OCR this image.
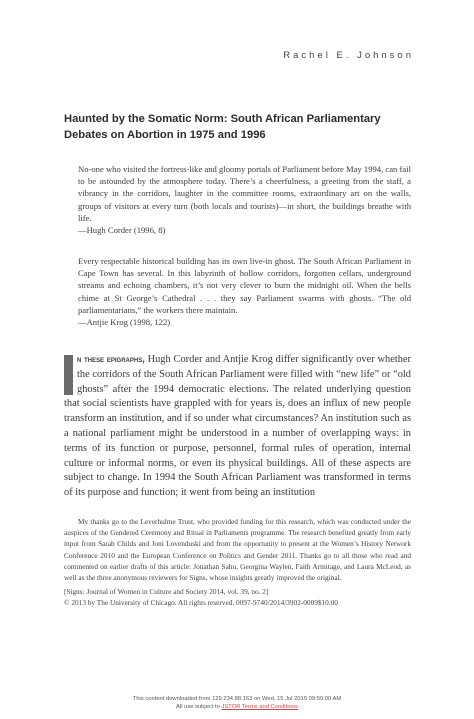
Rachel E. Johnson
Haunted by the Somatic Norm: South African Parliamentary Debates on Abortion in 1975 and 1996

No-one who visited the fortress-like and gloomy portals of Parliament before May 1994, can fail to be astounded by the atmosphere today. There’s a cheerfulness, a greeting from the staff, a vibrancy in the corridors, laughter in the committee rooms, extraordinary art on the walls, groups of visitors at every turn (both locals and tourists)—in short, the buildings breathe with life.

—Hugh Corder (1996, 8)

Every respectable historical building has its own live-in ghost. The South African Parliament in Cape Town has several. In this labyrinth of hollow corridors, forgotten cellars, underground streams and echoing chambers, it’s not very clever to burn the midnight oil. When the bells chime at St George’s Cathedral . . . they say Parliament swarms with ghosts. “The old parliamentarians,” the workers there maintain.

—Antjie Krog (1998, 122)

n these epigraphs, Hugh Corder and Antjie Krog differ significantly over whether the corridors of the South African Parliament were filled with “new life” or “old ghosts” after the 1994 democratic elections. The related underlying question that social scientists have grappled with for years is, does an influx of new people transform an institution, and if so under what circumstances? An institution such as a national parliament might be understood in a number of overlapping ways: in terms of its function or purpose, personnel, formal rules of operation, internal culture or informal norms, or even its physical buildings. All of these aspects are subject to change. In 1994 the South African Parliament was transformed in terms of its purpose and function; it went from being an institution

My thanks go to the Leverhulme Trust, who provided funding for this research, which was conducted under the auspices of the Gendered Ceremony and Ritual in Parliaments programme. The research benefited greatly from early input from Sarah Childs and Joni Lovenduski and from the opportunity to present at the Women’s History Network Conference 2010 and the European Conference on Politics and Gender 2011. Thanks go to all those who read and commented on earlier drafts of this article: Jonathan Sahu, Georgina Waylen, Faith Armitage, and Laura McLeod, as well as the three anonymous reviewers for Signs, whose insights greatly improved the original.

[Signs: Journal of Women in Culture and Society 2014, vol. 39, no. 2]

© 2013 by The University of Chicago. All rights reserved. 0097-9740/2014/3902-0009$10.00

This content downloaded from 129.234.88.163 on Wed, 15 Jul 2015 09:59:00 AM

All use subject to JSTOR Terms and Conditions
